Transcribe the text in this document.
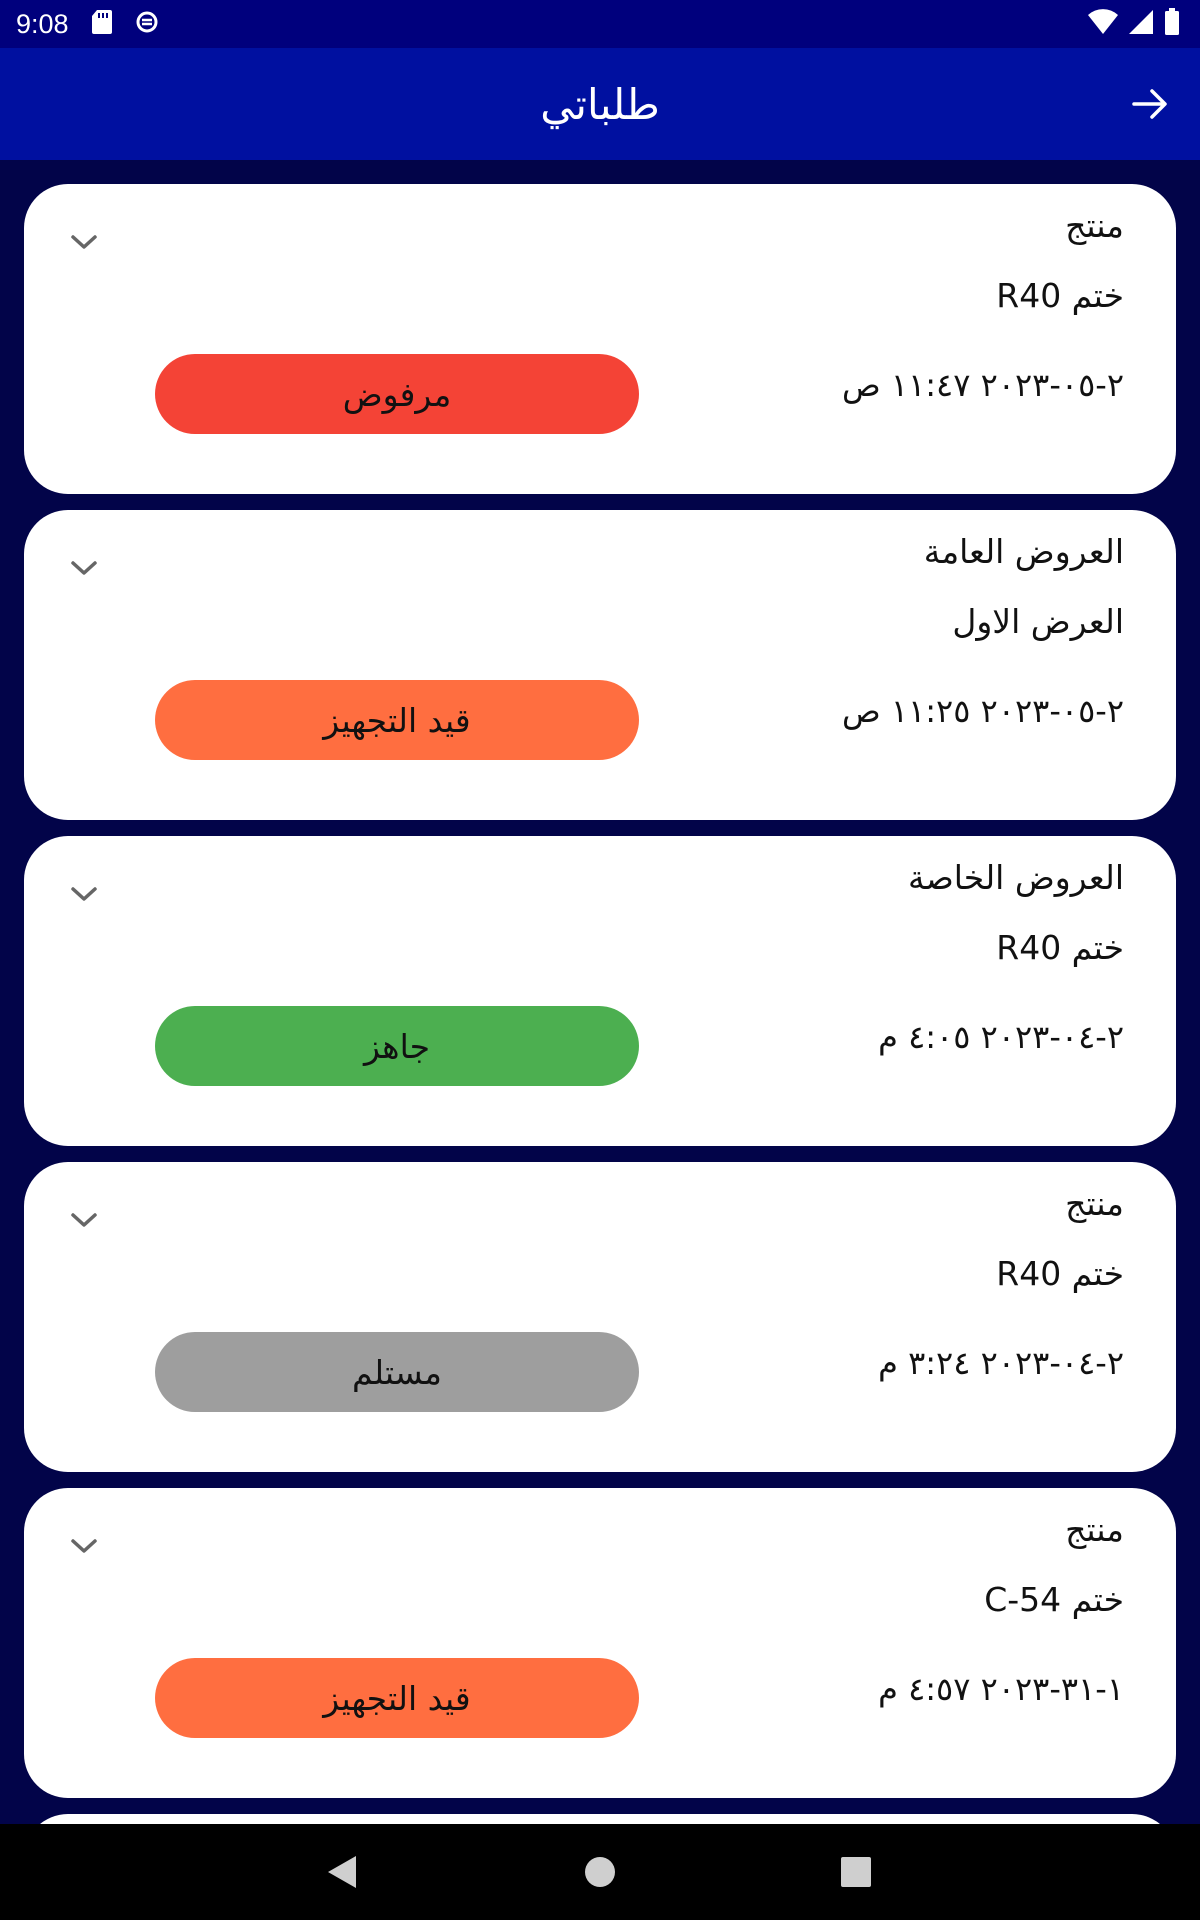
9:08
طلباتي
منتج
ختم R40
٢-٠٥-٢٠٢٣ ١١:٤٧ ص
مرفوض
العروض العامة
العرض الاول
٢-٠٥-٢٠٢٣ ١١:٢٥ ص
قيد التجهيز
العروض الخاصة
ختم R40
٢-٠٤-٢٠٢٣ ٤:٠٥ م
جاهز
منتج
ختم R40
٢-٠٤-٢٠٢٣ ٣:٢٤ م
مستلم
منتج
ختم C-54
١-٣١-٢٠٢٣ ٤:٥٧ م
قيد التجهيز
